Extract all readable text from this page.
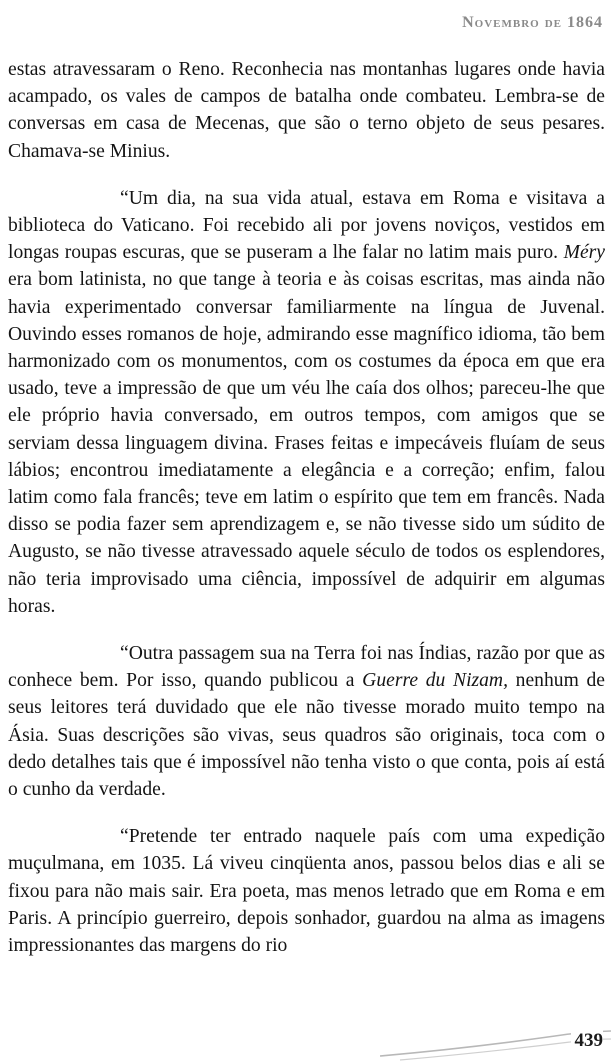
Novembro de 1864

estas atravessaram o Reno. Reconhecia nas montanhas lugares onde havia acampado, os vales de campos de batalha onde combateu. Lembra-se de conversas em casa de Mecenas, que são o terno objeto de seus pesares. Chamava-se Minius.

“Um dia, na sua vida atual, estava em Roma e visitava a biblioteca do Vaticano. Foi recebido ali por jovens noviços, vestidos em longas roupas escuras, que se puseram a lhe falar no latim mais puro. Méry era bom latinista, no que tange à teoria e às coisas escritas, mas ainda não havia experimentado conversar familiarmente na língua de Juvenal. Ouvindo esses romanos de hoje, admirando esse magnífico idioma, tão bem harmonizado com os monumentos, com os costumes da época em que era usado, teve a impressão de que um véu lhe caía dos olhos; pareceu-lhe que ele próprio havia conversado, em outros tempos, com amigos que se serviam dessa linguagem divina. Frases feitas e impecáveis fluíam de seus lábios; encontrou imediatamente a elegância e a correção; enfim, falou latim como fala francês; teve em latim o espírito que tem em francês. Nada disso se podia fazer sem aprendizagem e, se não tivesse sido um súdito de Augusto, se não tivesse atravessado aquele século de todos os esplendores, não teria improvisado uma ciência, impossível de adquirir em algumas horas.

“Outra passagem sua na Terra foi nas Índias, razão por que as conhece bem. Por isso, quando publicou a Guerre du Nizam, nenhum de seus leitores terá duvidado que ele não tivesse morado muito tempo na Ásia. Suas descrições são vivas, seus quadros são originais, toca com o dedo detalhes tais que é impossível não tenha visto o que conta, pois aí está o cunho da verdade.

“Pretende ter entrado naquele país com uma expedição muçulmana, em 1035. Lá viveu cinqüenta anos, passou belos dias e ali se fixou para não mais sair. Era poeta, mas menos letrado que em Roma e em Paris. A princípio guerreiro, depois sonhador, guardou na alma as imagens impressionantes das margens do rio

439
